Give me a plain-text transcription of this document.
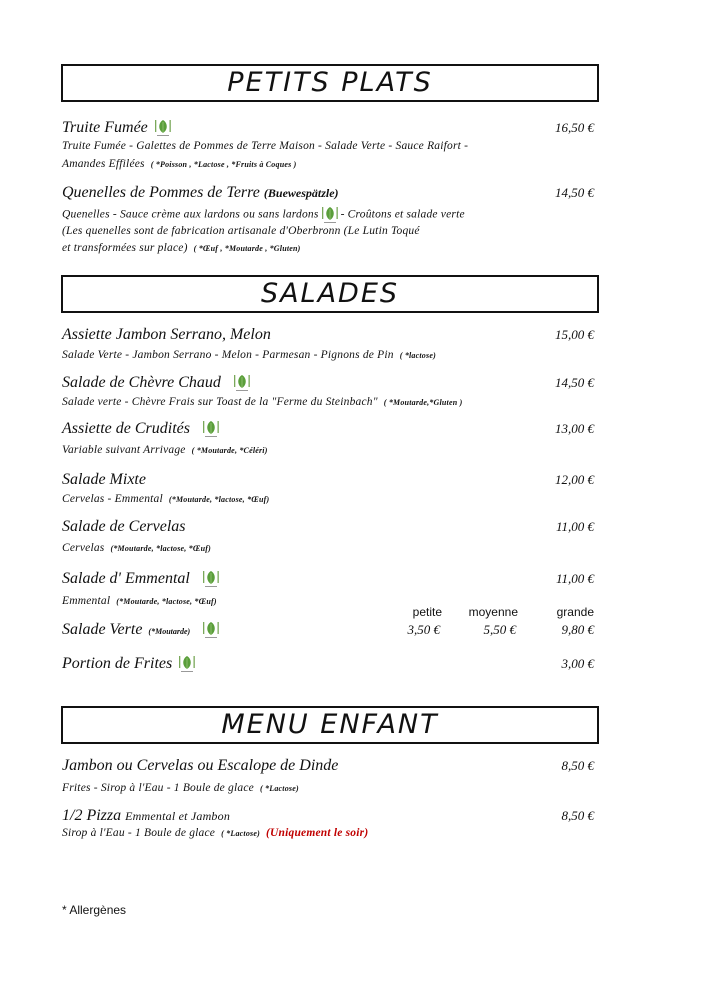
PETITS PLATS
Truite Fumée	16,50 €
Truite Fumée - Galettes de Pommes de Terre Maison - Salade Verte - Sauce Raifort -
Amandes Effilées ( *Poisson , *Lactose , *Fruits à Coques )
Quenelles de Pommes de Terre (Buewespätzle)	14,50 €
Quenelles - Sauce crème aux lardons ou sans lardons - Croûtons et salade verte
(Les quenelles sont de fabrication artisanale d'Oberbronn (Le Lutin Toqué
et transformées sur place) ( *Œuf , *Moutarde , *Gluten)
SALADES
Assiette Jambon Serrano, Melon	15,00 €
Salade Verte - Jambon Serrano - Melon - Parmesan - Pignons de Pin ( *lactose)
Salade de Chèvre Chaud	14,50 €
Salade verte - Chèvre Frais sur Toast de la "Ferme du Steinbach" ( *Moutarde,*Gluten )
Assiette de Crudités	13,00 €
Variable suivant Arrivage ( *Moutarde, *Céléri)
Salade Mixte	12,00 €
Cervelas - Emmental (*Moutarde, *lactose, *Œuf)
Salade de Cervelas	11,00 €
Cervelas (*Moutarde, *lactose, *Œuf)
Salade d' Emmental	11,00 €
Emmental (*Moutarde, *lactose, *Œuf)
Salade Verte (*Moutarde)
petite	moyenne	grande
3,50 €	5,50 €	9,80 €
Portion de Frites	3,00 €
MENU ENFANT
Jambon ou Cervelas ou Escalope de Dinde	8,50 €
Frites - Sirop à l'Eau - 1 Boule de glace ( *Lactose)
1/2 Pizza Emmental et Jambon	8,50 €
Sirop à l'Eau - 1 Boule de glace ( *Lactose) (Uniquement le soir)
* Allergènes
